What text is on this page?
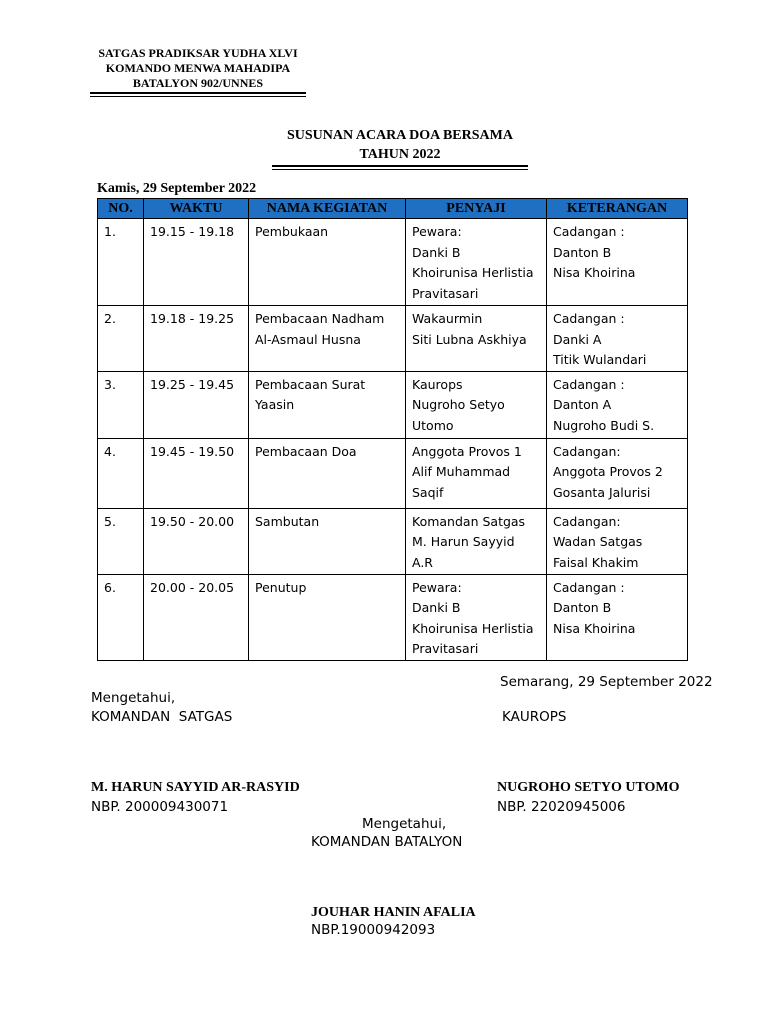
SATGAS PRADIKSAR YUDHA XLVI
KOMANDO MENWA MAHADIPA
BATALYON 902/UNNES
SUSUNAN ACARA DOA BERSAMA
TAHUN 2022
Kamis, 29 September 2022
NO.	WAKTU	NAMA KEGIATAN	PENYAJI	KETERANGAN
1.	19.15 - 19.18	Pembukaan	Pewara:
Danki B
Khoirunisa Herlistia
Pravitasari	Cadangan :
Danton B
Nisa Khoirina

2.	19.18 - 19.25	Pembacaan Nadham
Al-Asmaul Husna	Wakaurmin
Siti Lubna Askhiya	Cadangan :
Danki A
Titik Wulandari

3.	19.25 - 19.45	Pembacaan Surat
Yaasin	Kaurops
Nugroho Setyo
Utomo	Cadangan :
Danton A
Nugroho Budi S.

4.	19.45 - 19.50	Pembacaan Doa	Anggota Provos 1
Alif Muhammad
Saqif	Cadangan:
Anggota Provos 2
Gosanta Jalurisi

5.	19.50 - 20.00	Sambutan	Komandan Satgas
M. Harun Sayyid
A.R	Cadangan:
Wadan Satgas
Faisal Khakim

6.	20.00 - 20.05	Penutup	Pewara:
Danki B
Khoirunisa Herlistia
Pravitasari	Cadangan :
Danton B
Nisa Khoirina
Semarang, 29 September 2022
Mengetahui,
KOMANDAN  SATGAS	KAUROPS
M. HARUN SAYYID AR-RASYID
NBP. 200009430071
NUGROHO SETYO UTOMO
NBP. 22020945006
Mengetahui,
KOMANDAN BATALYON
JOUHAR HANIN AFALIA
NBP.19000942093
